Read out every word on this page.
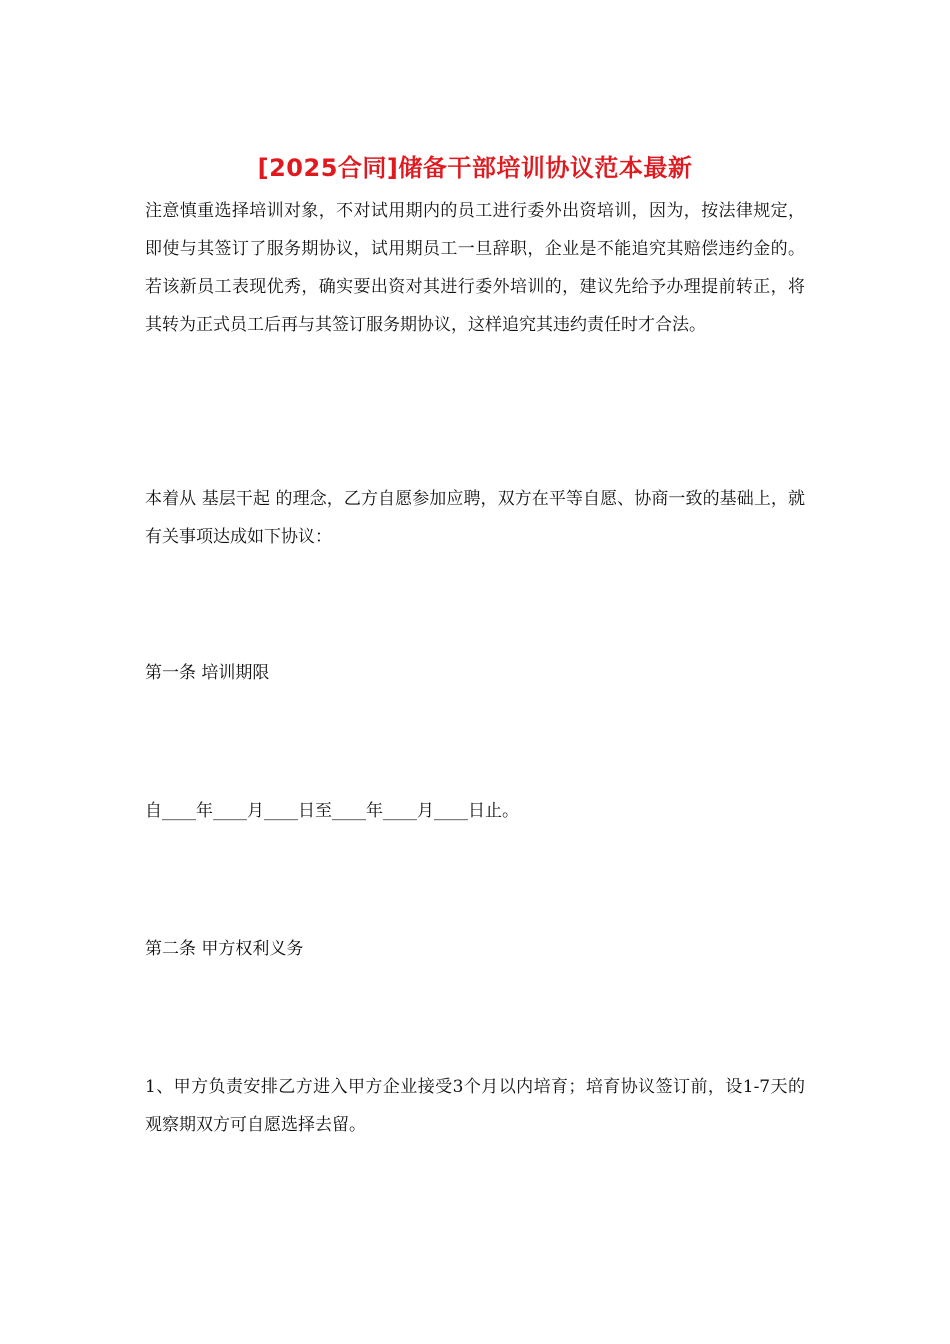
[2025合同]储备干部培训协议范本最新

注意慎重选择培训对象，不对试用期内的员工进行委外出资培训，因为，按法律规定，即使与其签订了服务期协议，试用期员工一旦辞职，企业是不能追究其赔偿违约金的。若该新员工表现优秀，确实要出资对其进行委外培训的，建议先给予办理提前转正，将其转为正式员工后再与其签订服务期协议，这样追究其违约责任时才合法。

本着从 基层干起 的理念，乙方自愿参加应聘，双方在平等自愿、协商一致的基础上，就有关事项达成如下协议：

第一条 培训期限

自____年____月____日至____年____月____日止。

第二条 甲方权利义务

1、甲方负责安排乙方进入甲方企业接受3个月以内培育；培育协议签订前，设1-7天的观察期双方可自愿选择去留。
